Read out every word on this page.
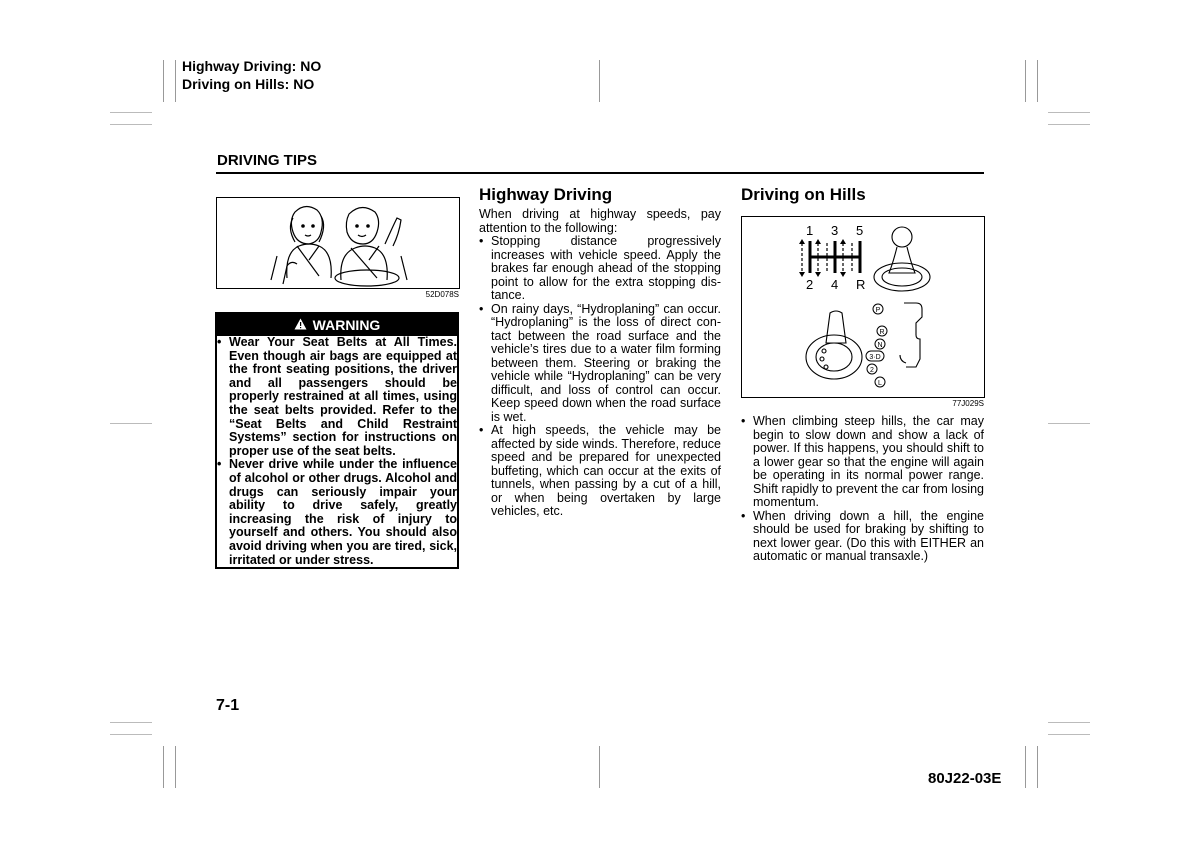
Highway Driving: NO
Driving on Hills: NO
DRIVING TIPS
52D078S
WARNING
• Wear Your Seat Belts at All Times. Even though air bags are equipped at the front seating positions, the driver and all passengers should be properly restrained at all times, using the seat belts provided. Refer to the “Seat Belts and Child Restraint Systems” section for instructions on proper use of the seat belts.
• Never drive while under the influence of alcohol or other drugs. Alcohol and drugs can seriously impair your ability to drive safely, greatly increasing the risk of injury to yourself and others. You should also avoid driving when you are tired, sick, irritated or under stress.
Highway Driving
When driving at highway speeds, pay attention to the following:
• Stopping distance progressively increases with vehicle speed. Apply the brakes far enough ahead of the stopping point to allow for the extra stopping distance.
• On rainy days, “Hydroplaning” can occur. “Hydroplaning” is the loss of direct contact between the road surface and the vehicle’s tires due to a water film forming between them. Steering or braking the vehicle while “Hydroplaning” can be very difficult, and loss of control can occur. Keep speed down when the road surface is wet.
• At high speeds, the vehicle may be affected by side winds. Therefore, reduce speed and be prepared for unexpected buffeting, which can occur at the exits of tunnels, when passing by a cut of a hill, or when being overtaken by large vehicles, etc.
Driving on Hills
1 3 5
2 4 R
P
R
N
3·D
2
L
77J029S
• When climbing steep hills, the car may begin to slow down and show a lack of power. If this happens, you should shift to a lower gear so that the engine will again be operating in its normal power range. Shift rapidly to prevent the car from losing momentum.
• When driving down a hill, the engine should be used for braking by shifting to next lower gear. (Do this with EITHER an automatic or manual transaxle.)
7-1
80J22-03E
